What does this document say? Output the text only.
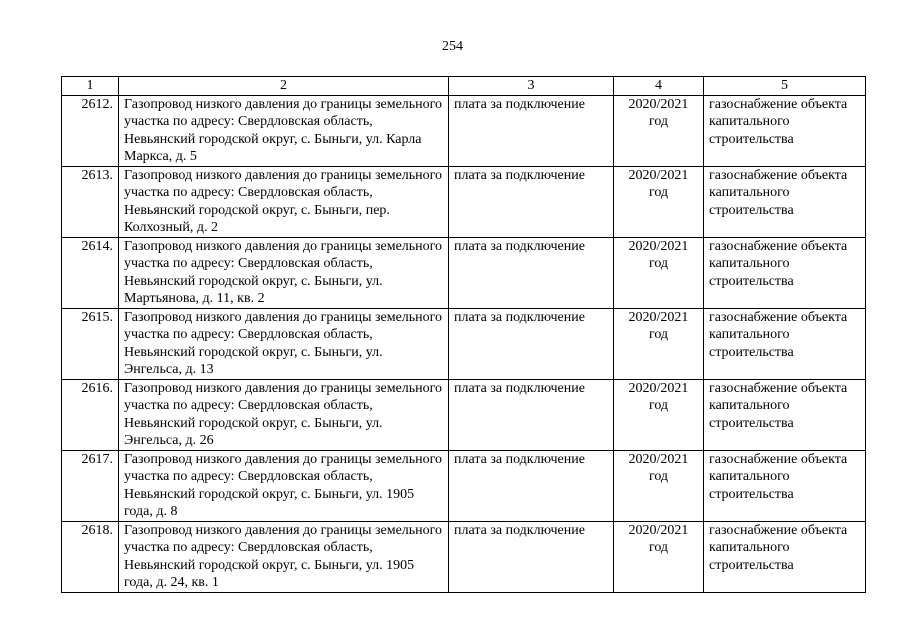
254
1	2	3	4	5
2612.	Газопровод низкого давления до границы земельного участка по адресу: Свердловская область, Невьянский городской округ, с. Быньги, ул. Карла Маркса, д. 5	плата за подключение	2020/2021 год	газоснабжение объекта капитального строительства
2613.	Газопровод низкого давления до границы земельного участка по адресу: Свердловская область, Невьянский городской округ, с. Быньги, пер. Колхозный, д. 2	плата за подключение	2020/2021 год	газоснабжение объекта капитального строительства
2614.	Газопровод низкого давления до границы земельного участка по адресу: Свердловская область, Невьянский городской округ, с. Быньги, ул. Мартьянова, д. 11, кв. 2	плата за подключение	2020/2021 год	газоснабжение объекта капитального строительства
2615.	Газопровод низкого давления до границы земельного участка по адресу: Свердловская область, Невьянский городской округ, с. Быньги, ул. Энгельса, д. 13	плата за подключение	2020/2021 год	газоснабжение объекта капитального строительства
2616.	Газопровод низкого давления до границы земельного участка по адресу: Свердловская область, Невьянский городской округ, с. Быньги, ул. Энгельса, д. 26	плата за подключение	2020/2021 год	газоснабжение объекта капитального строительства
2617.	Газопровод низкого давления до границы земельного участка по адресу: Свердловская область, Невьянский городской округ, с. Быньги, ул. 1905 года, д. 8	плата за подключение	2020/2021 год	газоснабжение объекта капитального строительства
2618.	Газопровод низкого давления до границы земельного участка по адресу: Свердловская область, Невьянский городской округ, с. Быньги, ул. 1905 года, д. 24, кв. 1	плата за подключение	2020/2021 год	газоснабжение объекта капитального строительства
